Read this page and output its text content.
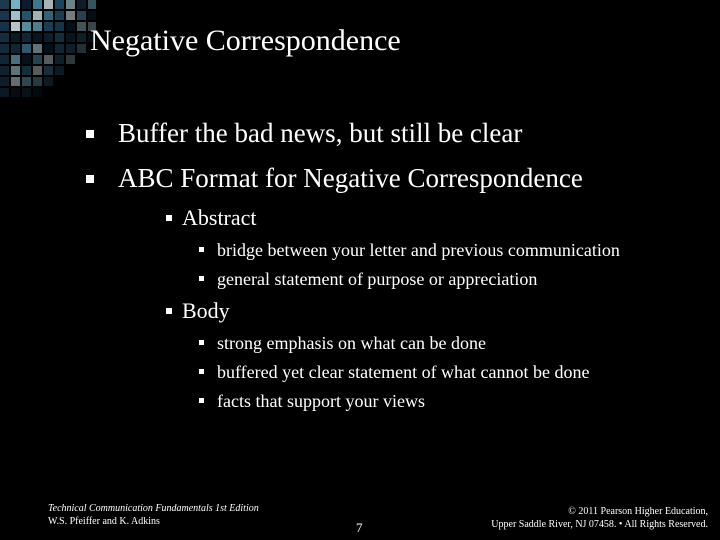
Negative Correspondence
Buffer the bad news, but still be clear
ABC Format for Negative Correspondence
Abstract
bridge between your letter and previous communication
general statement of purpose or appreciation
Body
strong emphasis on what can be done
buffered yet clear statement of what cannot be done
facts that support your views
Technical Communication Fundamentals 1st Edition
W.S. Pfeiffer and K. Adkins	7
© 2011 Pearson Higher Education,
Upper Saddle River, NJ 07458. • All Rights Reserved.
